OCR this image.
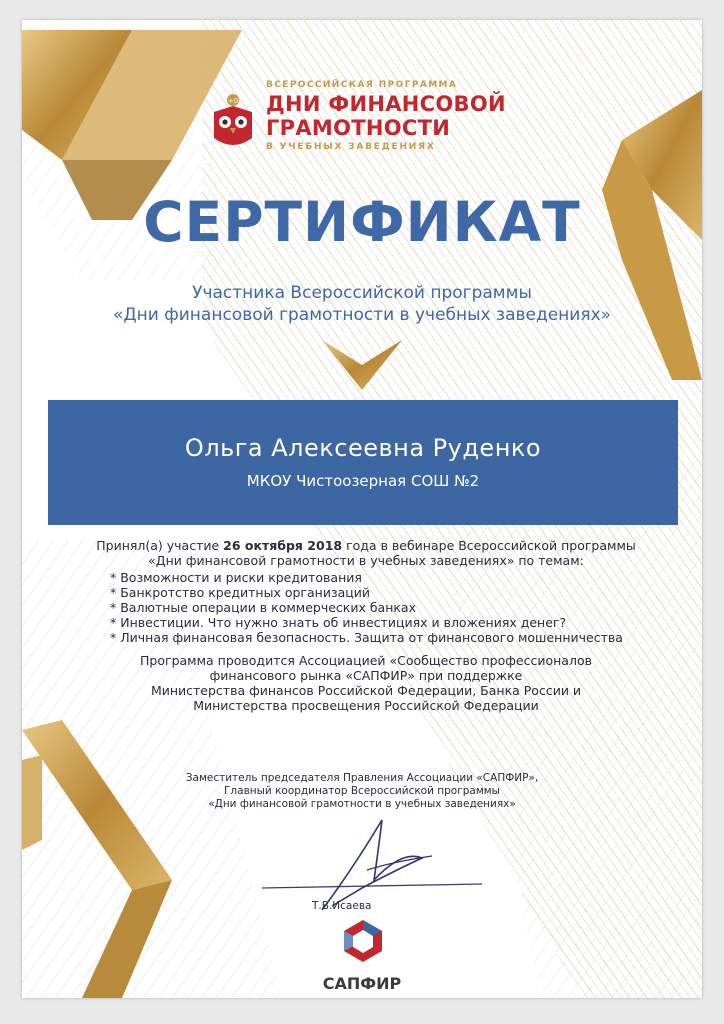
+0
ВСЕРОССИЙСКАЯ ПРОГРАММА
ДНИ ФИНАНСОВОЙ
ГРАМОТНОСТИ
В УЧЕБНЫХ ЗАВЕДЕНИЯХ
СЕРТИФИКАТ
Участника Всероссийской программы
«Дни финансовой грамотности в учебных заведениях»
Ольга Алексеевна Руденко
МКОУ Чистоозерная СОШ №2
Принял(а) участие 26 октября 2018 года в вебинаре Всероссийской программы
«Дни финансовой грамотности в учебных заведениях» по темам:
* Возможности и риски кредитования
* Банкротство кредитных организаций
* Валютные операции в коммерческих банках
* Инвестиции. Что нужно знать об инвестициях и вложениях денег?
* Личная финансовая безопасность. Защита от финансового мошенничества
Программа проводится Ассоциацией «Сообщество профессионалов
финансового рынка «САПФИР» при поддержке
Министерства финансов Российской Федерации, Банка России и
Министерства просвещения Российской Федерации
Заместитель председателя Правления Ассоциации «САПФИР»,
Главный координатор Всероссийской программы
«Дни финансовой грамотности в учебных заведениях»
Т.В.Исаева
САПФИР
